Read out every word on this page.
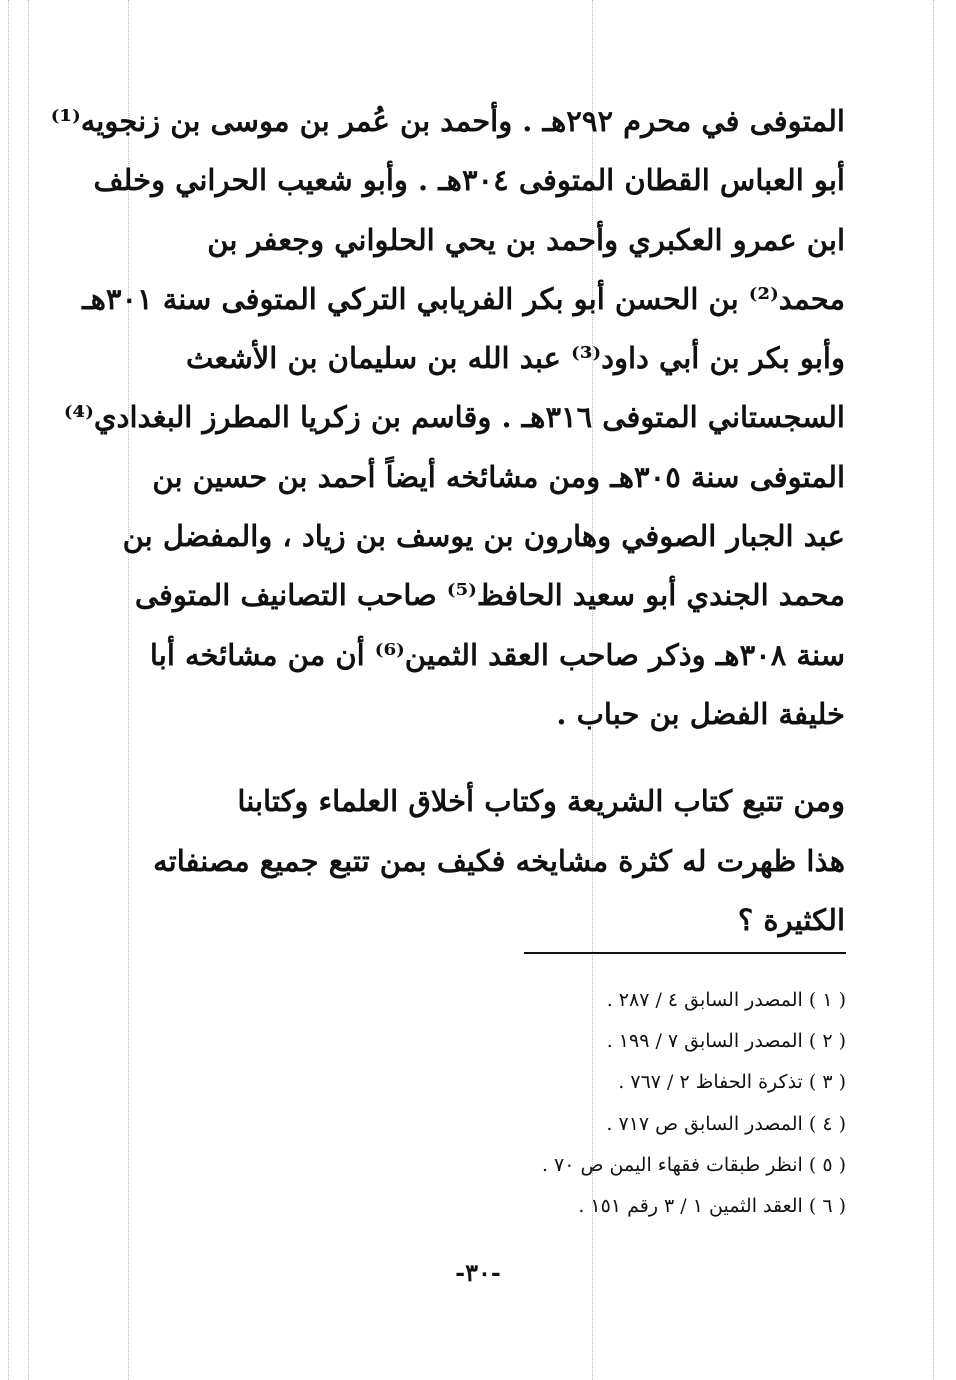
المتوفى في محرم ٢٩٢هـ . وأحمد بن عُمر بن موسى بن زنجويه⁽¹⁾
أبو العباس القطان المتوفى ٣٠٤هـ . وأبو شعيب الحراني وخلف
ابن عمرو العكبري وأحمد بن يحي الحلواني وجعفر بن
محمد⁽²⁾ بن الحسن أبو بكر الفريابي التركي المتوفى سنة ٣٠١هـ
وأبو بكر بن أبي داود⁽³⁾ عبد الله بن سليمان بن الأشعث
السجستاني المتوفى ٣١٦هـ . وقاسم بن زكريا المطرز البغدادي⁽⁴⁾
المتوفى سنة ٣٠٥هـ ومن مشائخه أيضاً أحمد بن حسين بن
عبد الجبار الصوفي وهارون بن يوسف بن زياد ، والمفضل بن
محمد الجندي أبو سعيد الحافظ⁽⁵⁾ صاحب التصانيف المتوفى
سنة ٣٠٨هـ وذكر صاحب العقد الثمين⁽⁶⁾ أن من مشائخه أبا
خليفة الفضل بن حباب .

ومن تتبع كتاب الشريعة وكتاب أخلاق العلماء وكتابنا
هذا ظهرت له كثرة مشايخه فكيف بمن تتبع جميع مصنفاته
الكثيرة ؟

( ١ ) المصدر السابق ٤ / ٢٨٧ .
( ٢ ) المصدر السابق ٧ / ١٩٩ .
( ٣ ) تذكرة الحفاظ ٢ / ٧٦٧ .
( ٤ ) المصدر السابق ص ٧١٧ .
( ٥ ) انظر طبقات فقهاء اليمن ص ٧٠ .
( ٦ ) العقد الثمين ١ / ٣ رقم ١٥١ .
-٣٠-
